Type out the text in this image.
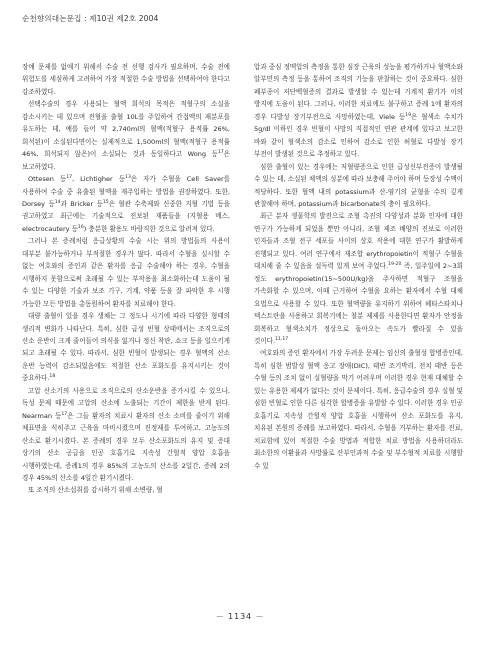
순천향의대논문집 : 제10권 제2호 2004

장애 문제를 없애기 위해서 수술 전 선행 검사가 필요하며, 수술 전에 위험도를 세심하게 고려하여 가장 적절한 수술 방법을 선택하여야 한다고 강조하였다.

선택수술의 경우 사용되는 혈액 희석의 목적은 적혈구의 소실을 감소시키는 데 있으며 전혈을 출혈 10L를 주입하여 간접액의 제분포를 유도하는 데, 예를 들어 약 2,740ml의 혈액(적혈구 용적률 26%, 희석된)이 소실된다면이는 실제적으로 1,500ml의 혈액(적혈구 용적률 46%, 희석되지 않은)이 소실되는 것과 동일하다고 Wong 등$^{17}$은 보고하였다.

Ottesen 등$^{17}$, Lichtigher 등$^{13}$은 자가 수혈을 Cell Saver를 사용하여 수술 중 유출된 혈액을 재주입하는 방법을 권장하였다. 또한, Dorsey 등$^{14}$과 Bricker 등$^{15}$은 혈관 수축제와 신중한 지혈 기법 등을 권고하였고 최근에는 기술적으로 진보된 재품들을 (지혈용 메스, electrocautery 등$^{16}$) 충분한 활용도 바람직한 것으로 알려져 있다.

그러나 본 증례처럼 응급상황의 수술 시는 위의 방법들의 사용이 대부분 불가능하거나 부적절한 경우가 많다. 따라서 수혈을 실시할 수 없는 여호와의 증인과 같은 환자를 응급 수술해야 하는 경우, 수혈을 시행하지 못함으로써 초래될 수 있는 부작용을 최소화하는데 도움이 될 수 있는 다양한 기술과 보조 기구, 기계, 약품 등을 잘 파악한 후 시행 가능한 모든 방법을 총동원하여 환자를 치료해야 한다.

대량 출혈이 있을 경우 생체는 그 정도나 시기에 따라 다양한 형태의 생리적 변화가 나타난다. 특히, 심한 급성 빈혈 상태에서는 조직으로의 산소 운반이 크게 줄어들어 의식을 잃거나 정신 착란, 쇼크 등을 일으키게 되고 초래될 수 있다. 따라서, 심한 빈혈이 발생되는 경우 혈액의 산소 운반 능력이 감소되었음에도 적절한 산소 포화도를 유지시키는 것이 중요하다.$^{18}$

고압 산소기의 사용으로 조직으로의 산소운반을 증가시킬 수 있으나, 독성 문제 때문에 고압의 산소에 노출되는 기간이 제한을 받게 된다. Nearman 등$^{17}$은 그들 환자의 치료시 환자의 산소 소비를 줄이기 위해 체표면을 식히주고 근육을 마비시켰으며 진정제를 투여하고, 고농도의 산소로 환기시켰다. 본 증례의 경우 모두 산소포화도의 유지 및 증대 상기의 산소 공급을 인공 호흡기로 지속성 간헐적 양압 호흡을 시행하였는데, 증례1의 경우 85%의 고농도의 산소를 2일간, 증례 2의 경우 45%의 산소를 4일간 환기시켰다.

또 조직의 산소섭취를 감시하기 위해 소변량, 혈

압과 중심 정맥압의 측정을 통한 심장 근육의 성능을 평가하거나 혈액소와 알부민의 측정 등을 통하여 조직의 기능을 판찰하는 것이 중요하다. 심한 폐부종이 저단백혈증의 결과로 발생할 수 있는데 기계적 환기가 이의 방지에 도움이 된다. 그러나, 이러한 치료에도 불구하고 증례 1에 환자의 경우 다발성 장기부전으로 사망하였는데, Viele 등$^{19}$은 혈색소 수치가 5g/dl 이하인 경우 빈혈이 사망의 직접적인 연관 관계에 있다고 보고한 바와 같이 혈색소의 감소로 인하여 감소로 인한 허혈로 다발성 장기 부전이 발생된 것으로 추정하고 있다.

심한 출혈이 있는 경우에는 저혈량증으로 인한 급성신부전증이 발생될 수 있는 데, 소실된 체액의 성분에 따라 보충해 주어야 하며 등장성 수액이 적당하다. 또한 혈액 내의 potassium과 산-염기의 균형을 수의 깊게 관찰해야 하며, potassium과 bicarbonate의 충이 필요하다.

최근 분자 생물학의 발전으로 조혈 촉진의 다양성과 분화 인자에 대한 연구가 가능하게 되었을 뿐만 아니라, 조혈 제조 배양의 진보로 이러한 인자들과 조혈 전구 세포들 사이의 상호 작용에 대한 연구가 활발하게 진행되고 있다. 여러 연구에서 재조합 erythropoietin이 적혈구 수혈을 대치해 줄 수 있음을 설득력 있게 보여 주었다.$^{19-20}$ 즉, 일주일에 2~3회 정도 erythropoietin(15~500U/kg)을 주사하면 적혈구 조혈을 가속화할 수 있으며, 이때 근거하여 수혈을 요하는 환자에서 수혈 대체 요법으로 사용할 수 있다. 또한 혈액량을 유지하기 위하여 헤타스타치나 덱스트란을 사용하고 회복기에는 철분 제제를 사용한다면 환자가 안정을 회복하고 혈색소치가 정상으로 돌아오는 속도가 빨라질 수 있을 것이다.$^{11,17}$

여호와의 증인 환자에서 가장 두려운 문제는 임신의 출혈성 합병증인데, 특히 심한 범발성 혈액 응고 장애(DIC), 태반 조기박리, 전치 태반 등은 수혈 등의 조치 없이 실혈량을 막기 어려우며 이러한 경우 현재 대체할 수 있는 유용한 제제가 없다는 것이 문제이다. 특히, 응급수술의 경우 실혈 및 심한 빈혈로 인한 다른 심각한 합병증을 유발할 수 있다. 이러한 경우 인공 호흡기로 지속성 간헐적 양압 호흡을 시행하여 산소 포화도를 유지, 치유된 본원의 증례를 보고하였다. 따라서, 수혈을 거부하는 환자를 진료, 치료함에 있어 적절한 수술 방법과 적합한 치료 방법을 사용하더라도 최소한의 이환율과 사망률로 산부인과적 수술 및 부수혈적 치료를 시행할 수 있

－ 1134 －
